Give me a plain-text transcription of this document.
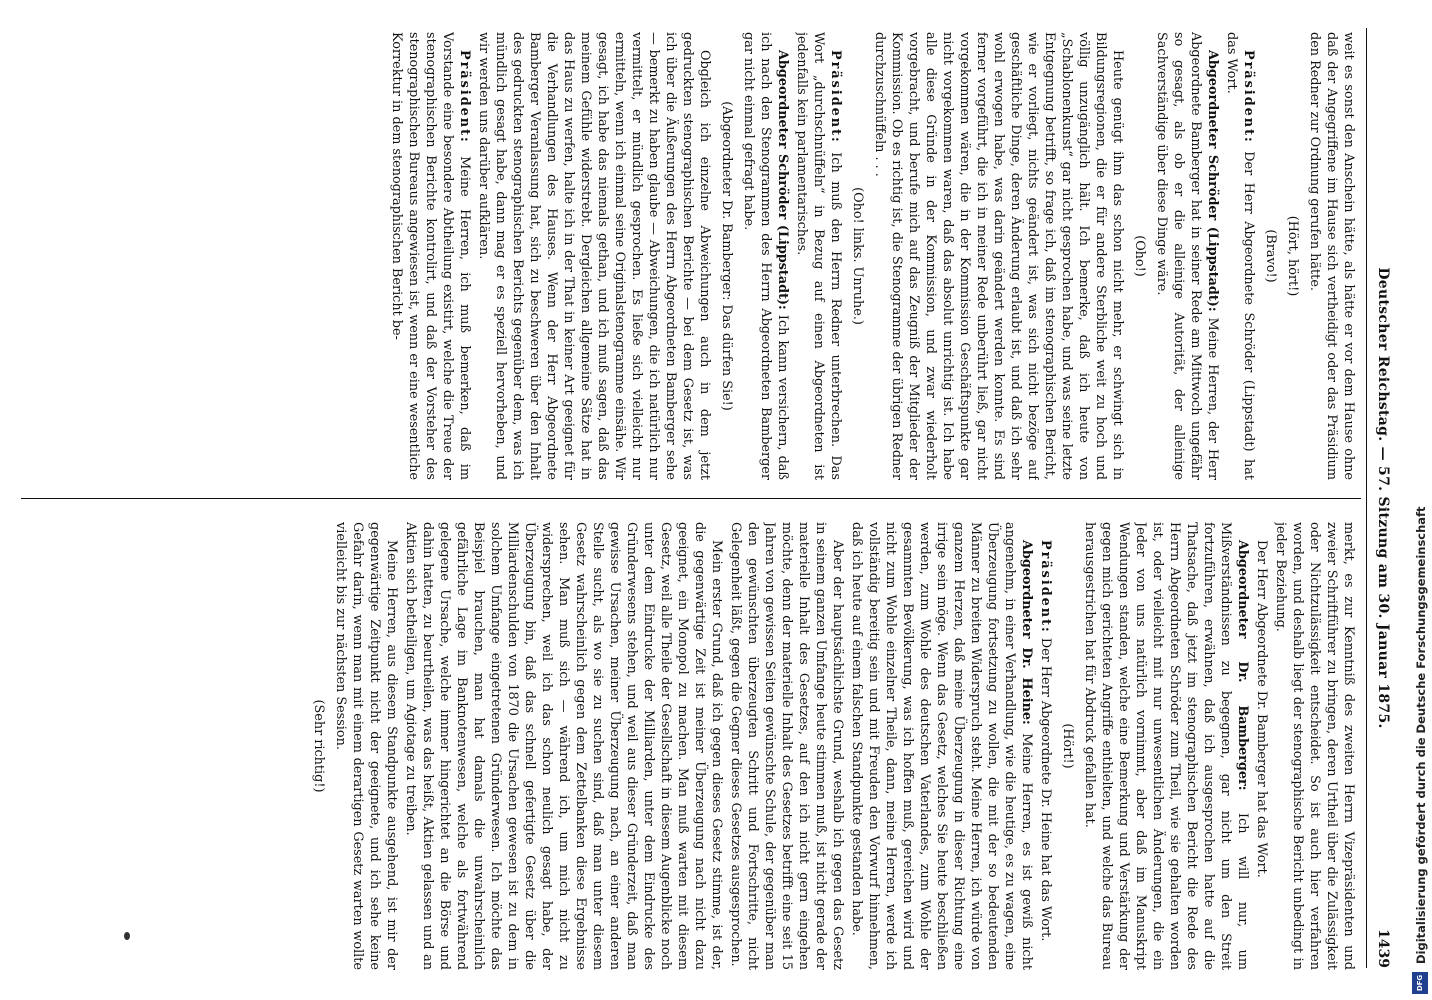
Deutscher Reichstag. — 57. Sitzung am 30. Januar 1875.
1439

weit es sonst den Anschein hätte, als hätte er vor dem Hause ohne daß der Angegriffene im Hause sich vertheidigt oder das Präsidium den Redner zur Ordnung gerufen hätte.

(Hört, hört!)

(Bravo!)

Präsident: Der Herr Abgeordnete Schröder (Lippstadt) hat das Wort.

Abgeordneter Schröder (Lippstadt): Meine Herren, der Herr Abgeordnete Bamberger hat in seiner Rede am Mittwoch ungefähr so gesagt, als ob er die alleinige Autorität, der alleinige Sachverständige über diese Dinge wäre.

(Oho!)

Heute genügt ihm das schon nicht mehr, er schwingt sich in Bildungsregionen, die er für andere Sterbliche weit zu hoch und völlig unzugänglich hält. Ich bemerke, daß ich heute von „Schablonenkunst“ gar nicht gesprochen habe, und was seine letzte Entgegnung betrifft, so frage ich, daß im stenographischen Bericht, wie er vorliegt, nichts geändert ist, was sich nicht bezöge auf geschäftliche Dinge, deren Änderung erlaubt ist, und daß ich sehr wohl erwogen habe, was darin geändert werden konnte. Es sind ferner vorgeführt, die ich in meiner Rede unberührt ließ, gar nicht vorgekommen wären, die in der Kommission Geschäftspunkte gar nicht vorgekommen waren, daß das absolut unrichtig ist. Ich habe alle diese Gründe in der Kommission, und zwar wiederholt vorgebracht, und berufe mich auf das Zeugniß der Mitglieder der Kommission. Ob es richtig ist, die Stenogramme der übrigen Redner durchzuschnüffeln . . .

(Oho! links. Unruhe.)

Präsident: Ich muß den Herrn Redner unterbrechen. Das Wort „durchschnüffeln“ in Bezug auf einen Abgeordneten ist jedenfalls kein parlamentarisches.

Abgeordneter Schröder (Lippstadt): Ich kann versichern, daß ich nach den Stenogrammen des Herrn Abgeordneten Bamberger gar nicht einmal gefragt habe.

(Abgeordneter Dr. Bamberger: Das dürfen Sie!)

Obgleich ich einzelne Abweichungen auch in dem jetzt gedruckten stenographischen Berichte — bei dem Gesetz ist, was ich über die Äußerungen des Herrn Abgeordneten Bamberger sehe — bemerkt zu haben glaube — Abweichungen, die ich natürlich nur vermittelt, er mündlich gesprochen. Es ließe sich vielleicht nur ermitteln, wenn ich einmal seine Originalstenogramme einsähe. Wir gesagt, ich habe das niemals gethan, und ich muß sagen, daß das meinem Gefühle widerstrebt. Dergleichen allgemeine Sätze hat in das Haus zu werfen, halte ich in der That in keiner Art geeignet für die Verhandlungen des Hauses. Wenn der Herr Abgeordnete Bamberger Veranlassung hat, sich zu beschweren über den Inhalt des gedruckten stenographischen Berichts gegenüber dem, was ich mündlich gesagt habe, dann mag er es speziell hervorheben, und wir werden uns darüber aufklären.

Präsident: Meine Herren, ich muß bemerken, daß im Vorstande eine besondere Abtheilung existirt, welche die Treue der stenographischen Berichte kontrolirt, und daß der Vorsteher des stenographischen Bureaus angewiesen ist, wenn er eine wesentliche Korrektur in dem stenographischen Bericht be-

merkt, es zur Kenntniß des zweiten Herrn Vizepräsidenten und zweier Schriftführer zu bringen, deren Urtheil über die Zulässigkeit oder Nichtzulässigkeit entscheidet. So ist auch hier verfahren worden, und deshalb liegt der stenographische Bericht unbedingt in jeder Beziehung.

Der Herr Abgeordnete Dr. Bamberger hat das Wort.

Abgeordneter Dr. Bamberger: Ich will nur, um Mißverständnissen zu begegnen, gar nicht um den Streit fortzuführen, erwähnen, daß ich ausgesprochen hatte auf die Thatsache, daß jetzt im stenographischen Bericht die Rede des Herrn Abgeordneten Schröder zum Theil, wie sie gehalten worden ist, oder vielleicht mit nur unwesentlichen Änderungen, die ein Jeder von uns natürlich vornimmt, aber daß im Manuskript Wendungen standen, welche eine Bemerkung und Verstärkung der gegen mich gerichteten Angriffe enthielten, und welche das Bureau herausgestrichen hat für Abdruck gefallen hat.

(Hört!)

Präsident: Der Herr Abgeordnete Dr. Heine hat das Wort.

Abgeordneter Dr. Heine: Meine Herren, es ist gewiß nicht angenehm, in einer Verhandlung, wie die heutige, es zu wagen, eine Überzeugung fortsetzung zu wollen, die mit der so bedeutenden Männer zu breiten Widerspruch steht. Meine Herren, ich würde von ganzem Herzen, daß meine Überzeugung in dieser Richtung eine irrige sein möge. Wenn das Gesetz, welches Sie heute beschließen werden, zum Wohle des deutschen Vaterlandes, zum Wohle der gesammten Bevölkerung, was ich hoffen muß, gereichen wird und nicht zum Wohle einzelner Theile, dann, meine Herren, werde ich vollständig bereitig sein und mit Freuden den Vorwurf hinnehmen, daß ich heute auf einem falschen Standpunkte gestanden habe.

Aber der hauptsächlichste Grund, weshalb ich gegen das Gesetz in seinem ganzen Umfange heute stimmen muß, ist nicht gerade der materielle Inhalt des Gesetzes, auf den ich nicht gern eingehen möchte, denn der materielle Inhalt des Gesetzes betrifft eine seit 15 Jahren von gewissen Seiten gewünschte Schule, der gegenüber man den gewünschten überzeugten Schritt und Fortschritte, nicht Gelegenheit läßt, gegen die Gegner dieses Gesetzes ausgesprochen.

Mein erster Grund, daß ich gegen dieses Gesetz stimme, ist der, die gegenwärtige Zeit ist meiner Überzeugung nach nicht dazu geeignet, ein Monopol zu machen. Man muß warten mit diesem Gesetz, weil alle Theile der Gesellschaft in diesem Augenblicke noch unter dem Eindrucke der Milliarden, unter dem Eindrucke des Gründerwesens stehen, und weil aus dieser Gründerzeit, daß man gewisse Ursachen, meiner Überzeugung nach, an einer anderen Stelle sucht, als wo sie zu suchen sind, daß man unter diesem Gesetz wahrscheinlich gegen dem Zettelbanken diese Ergebnisse sehen. Man muß sich — während ich, um mich nicht zu widersprechen, weil ich das schon neulich gesagt habe, der Überzeugung bin, daß das schnell gefertigte Gesetz über die Milliardenschulden von 1870 die Ursachen gewesen ist zu dem in solchem Umfange eingetretenen Gründerwesen. Ich möchte das Beispiel brauchen, man hat damals die unwahrscheinlich gefährliche Lage im Banknotenwesen, welche als fortwährend gelegene Ursache, welche immer hingerichtet an die Börse und dahin hatten, zu beurtheilen, was das heißt, Aktien gelassen und an Aktien sich betheiligen, um Agiotage zu treiben.

Meine Herren, aus diesem Standpunkte ausgehend, ist mir der gegenwärtige Zeitpunkt nicht der geeignete, und ich sehe keine Gefahr darin, wenn man mit einem derartigen Gesetz warten wollte vielleicht bis zur nächsten Session.

(Sehr richtig!)	Digitalisierung gefördert durch die Deutsche Forschungsgemeinschaft
DFG
